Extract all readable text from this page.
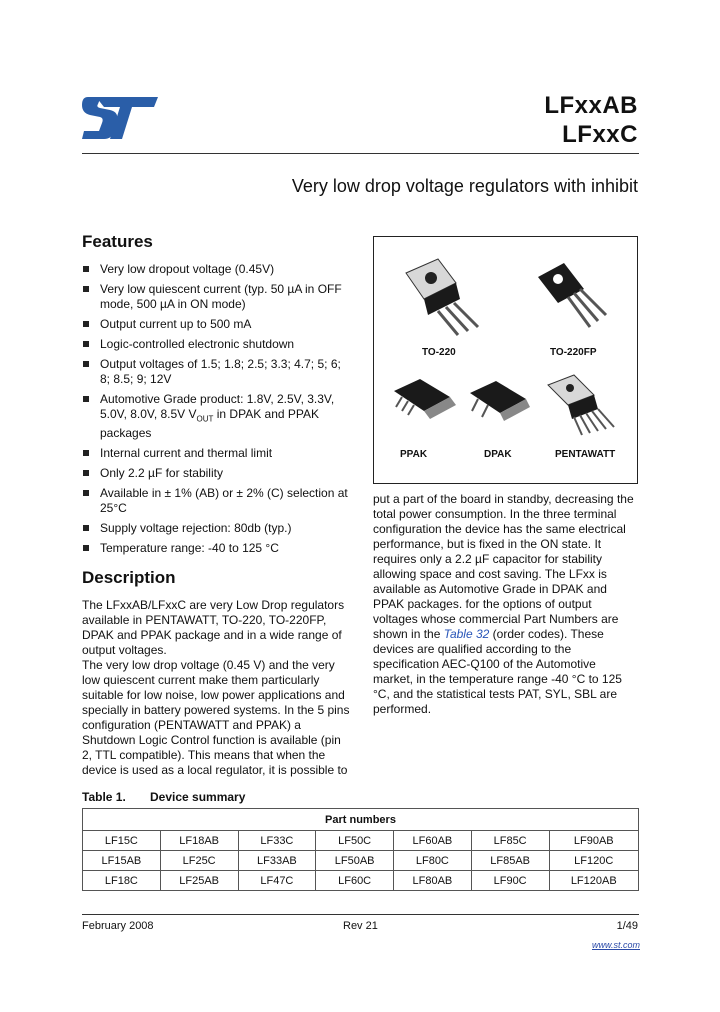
LFxxAB
LFxxC
Very low drop voltage regulators with inhibit
Features
Very low dropout voltage (0.45V)
Very low quiescent current (typ. 50 µA in OFF mode, 500 µA in ON mode)
Output current up to 500 mA
Logic-controlled electronic shutdown
Output voltages of 1.5; 1.8; 2.5; 3.3; 4.7; 5; 6; 8; 8.5; 9; 12V
Automotive Grade product: 1.8V, 2.5V, 3.3V, 5.0V, 8.0V, 8.5V $V_{OUT}$ in DPAK and PPAK packages
Internal current and thermal limit
Only 2.2 µF for stability
Available in ± 1% (AB) or ± 2% (C) selection at 25°C
Supply voltage rejection: 80db (typ.)
Temperature range: -40 to 125 °C
TO-220	TO-220FP
PPAK	DPAK	PENTAWATT
Description
The LFxxAB/LFxxC are very Low Drop regulators available in PENTAWATT, TO-220, TO-220FP, DPAK and PPAK package and in a wide range of output voltages.
The very low drop voltage (0.45 V) and the very low quiescent current make them particularly suitable for low noise, low power applications and specially in battery powered systems. In the 5 pins configuration (PENTAWATT and PPAK) a Shutdown Logic Control function is available (pin 2, TTL compatible). This means that when the device is used as a local regulator, it is possible to
put a part of the board in standby, decreasing the total power consumption. In the three terminal configuration the device has the same electrical performance, but is fixed in the ON state. It requires only a 2.2 µF capacitor for stability allowing space and cost saving. The LFxx is available as Automotive Grade in DPAK and PPAK packages. for the options of output voltages whose commercial Part Numbers are shown in the Table 32 (order codes). These devices are qualified according to the specification AEC-Q100 of the Automotive market, in the temperature range -40 °C to 125 °C, and the statistical tests PAT, SYL, SBL are performed.
Table 1. Device summary
Part numbers						
LF15C	LF18AB	LF33C	LF50C	LF60AB	LF85C	LF90AB
LF15AB	LF25C	LF33AB	LF50AB	LF80C	LF85AB	LF120C
LF18C	LF25AB	LF47C	LF60C	LF80AB	LF90C	LF120AB
February 2008	Rev 21	1/49
www.st.com
